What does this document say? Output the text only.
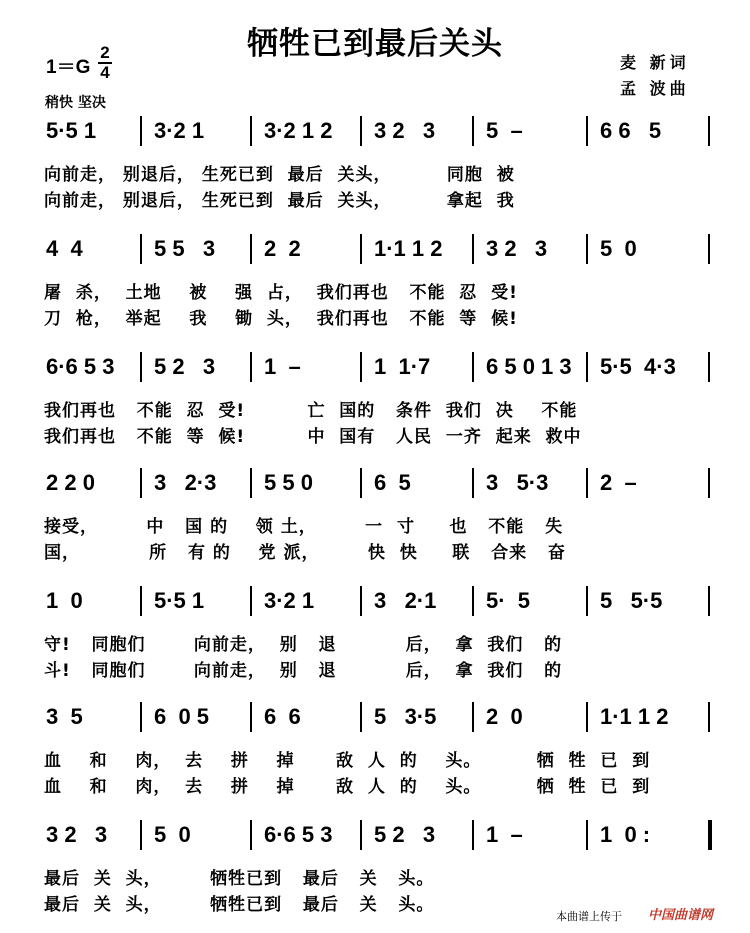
牺牲已到最后关头
1＝G
2
4
稍快 坚决
麦 新词
孟 波曲
5·5 1	3·2 1	3·2 1 2 3 2   3 5  –	6 6   5
向前走， 别退后， 生死已到  最后  关头，        同胞  被
向前走， 别退后， 生死已到  最后  关头，        拿起  我
4  4	5 5   3 2  2	1·1 1 2 3 2   3 5  0
屠  杀，  土地    被    强  占，  我们再也   不能  忍  受!
刀  枪，  举起    我    锄  头，  我们再也   不能  等  候!
6·6 5 3 5 2   3 1  –	1  1·7	6 5 0 1 3 5·5  4·3
我们再也   不能  忍  受!         亡  国的   条件  我们  决    不能
我们再也   不能  等  候!         中  国有   人民  一齐  起来  救中
2 2 0	3   2·3 5 5 0	6  5	3   5·3 2  –
接受，       中   国 的    领 土，       一  寸     也   不能   失
国，          所   有 的    党 派，       快  快     联   合来   奋
1  0	5·5 1	3·2 1	3   2·1 5·  5	5   5·5
守!   同胞们       向前走，  别   退          后，  拿  我们   的
斗!   同胞们       向前走，  别   退          后，  拿  我们   的
3  5	6  0 5 6  6	5   3·5 2  0	1·1 1 2
血    和    肉，  去    拼    掉      敌  人  的    头。        牺  牲  已  到
血    和    肉，  去    拼    掉      敌  人  的    头。        牺  牲  已  到
3 2   3 5  0	6·6 5 3 5 2   3 1  –	1  0 :
最后  关  头，       牺牲已到   最后   关   头。
最后  关  头，       牺牲已到   最后   关   头。
本曲谱上传于 中国曲谱网
